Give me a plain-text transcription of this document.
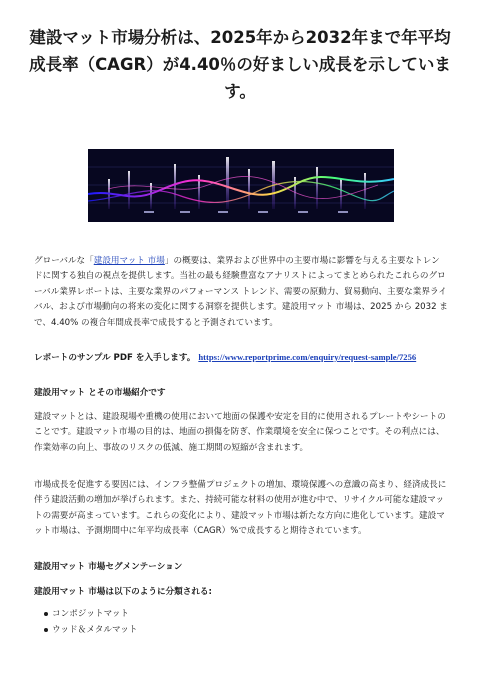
建設マット市場分析は、2025年から2032年まで年平均成長率（CAGR）が4.40％の好ましい成長を示しています。

グローバルな「建設用マット 市場」の概要は、業界および世界中の主要市場に影響を与える主要なトレンドに関する独自の視点を提供します。当社の最も経験豊富なアナリストによってまとめられたこれらのグローバル業界レポートは、主要な業界のパフォーマンス トレンド、需要の原動力、貿易動向、主要な業界ライバル、および市場動向の将来の変化に関する洞察を提供します。建設用マット 市場は、2025 から 2032 まで、4.40% の複合年間成長率で成長すると予測されています。

レポートのサンプル PDF を入手します。 https://www.reportprime.com/enquiry/request-sample/7256

建設用マット とその市場紹介です

建設マットとは、建設現場や重機の使用において地面の保護や安定を目的に使用されるプレートやシートのことです。建設マット市場の目的は、地面の損傷を防ぎ、作業環境を安全に保つことです。その利点には、作業効率の向上、事故のリスクの低減、施工期間の短縮が含まれます。

市場成長を促進する要因には、インフラ整備プロジェクトの増加、環境保護への意識の高まり、経済成長に伴う建設活動の増加が挙げられます。また、持続可能な材料の使用が進む中で、リサイクル可能な建設マットの需要が高まっています。これらの変化により、建設マット市場は新たな方向に進化しています。建設マット市場は、予測期間中に年平均成長率（CAGR）%で成長すると期待されています。

建設用マット 市場セグメンテーション

建設用マット 市場は以下のように分類される:

コンポジットマット
ウッド＆メタルマット
